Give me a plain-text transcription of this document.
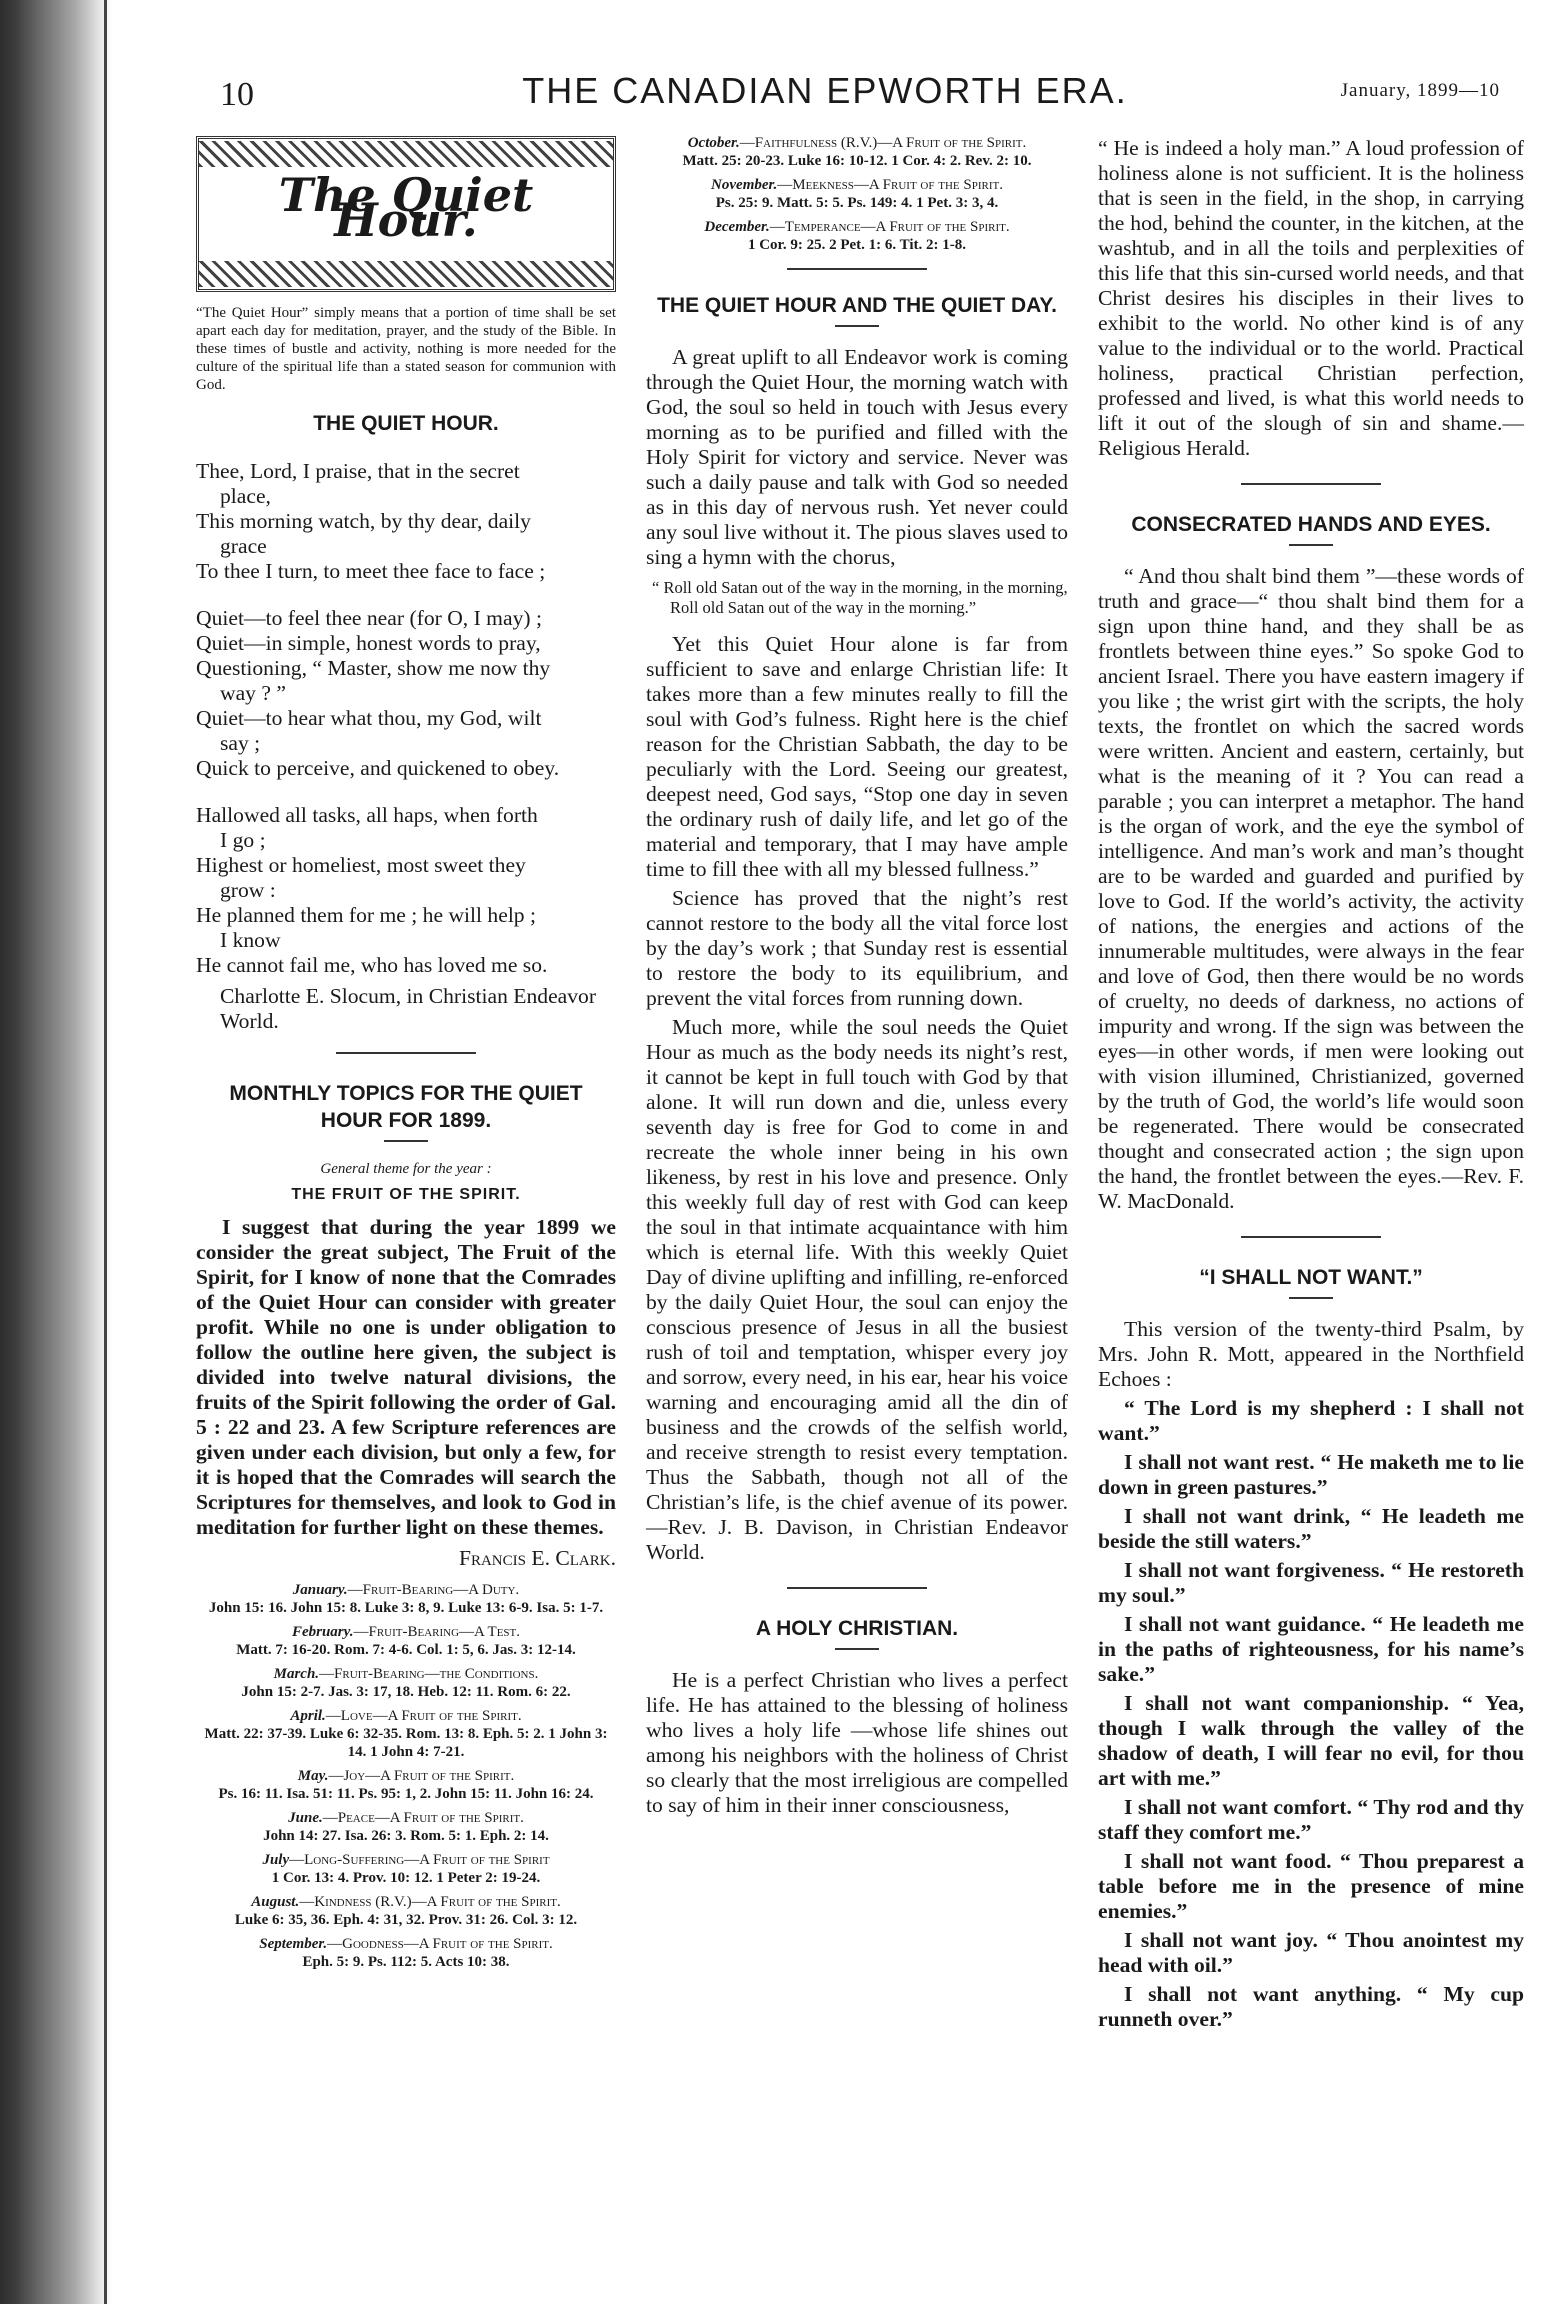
10	THE CANADIAN EPWORTH ERA.	January, 1899—10
The Quiet Hour.

“The Quiet Hour” simply means that a portion of time shall be set apart each day for meditation, prayer, and the study of the Bible. In these times of bustle and activity, nothing is more needed for the culture of the spiritual life than a stated season for communion with God.

THE QUIET HOUR.

Thee, Lord, I praise, that in the secret
place,

This morning watch, by thy dear, daily
grace

To thee I turn, to meet thee face to face ;

Quiet—to feel thee near (for O, I may) ;

Quiet—in simple, honest words to pray,

Questioning, “ Master, show me now thy
way ? ”

Quiet—to hear what thou, my God, wilt
say ;

Quick to perceive, and quickened to obey.

Hallowed all tasks, all haps, when forth
I go ;

Highest or homeliest, most sweet they
grow :

He planned them for me ; he will help ;
I know

He cannot fail me, who has loved me so.

Charlotte E. Slocum, in Christian Endeavor World.

MONTHLY TOPICS FOR THE QUIET HOUR FOR 1899.

General theme for the year :

THE FRUIT OF THE SPIRIT.

I suggest that during the year 1899 we consider the great subject, The Fruit of the Spirit, for I know of none that the Comrades of the Quiet Hour can consider with greater profit. While no one is under obligation to follow the outline here given, the subject is divided into twelve natural divisions, the fruits of the Spirit following the order of Gal. 5 : 22 and 23. A few Scripture references are given under each division, but only a few, for it is hoped that the Comrades will search the Scriptures for themselves, and look to God in meditation for further light on these themes.

Francis E. Clark.

January.—Fruit-Bearing—A Duty.
John 15: 16. John 15: 8. Luke 3: 8, 9. Luke 13: 6-9. Isa. 5: 1-7.

February.—Fruit-Bearing—A Test.
Matt. 7: 16-20. Rom. 7: 4-6. Col. 1: 5, 6. Jas. 3: 12-14.

March.—Fruit-Bearing—the Conditions.
John 15: 2-7. Jas. 3: 17, 18. Heb. 12: 11. Rom. 6: 22.

April.—Love—A Fruit of the Spirit.
Matt. 22: 37-39. Luke 6: 32-35. Rom. 13: 8. Eph. 5: 2. 1 John 3: 14. 1 John 4: 7-21.

May.—Joy—A Fruit of the Spirit.
Ps. 16: 11. Isa. 51: 11. Ps. 95: 1, 2. John 15: 11. John 16: 24.

June.—Peace—A Fruit of the Spirit.
John 14: 27. Isa. 26: 3. Rom. 5: 1. Eph. 2: 14.

July—Long-Suffering—A Fruit of the Spirit
1 Cor. 13: 4. Prov. 10: 12. 1 Peter 2: 19-24.

August.—Kindness (R.V.)—A Fruit of the Spirit.
Luke 6: 35, 36. Eph. 4: 31, 32. Prov. 31: 26. Col. 3: 12.

September.—Goodness—A Fruit of the Spirit.
Eph. 5: 9. Ps. 112: 5. Acts 10: 38.

October.—Faithfulness (R.V.)—A Fruit of the Spirit.
Matt. 25: 20-23. Luke 16: 10-12. 1 Cor. 4: 2. Rev. 2: 10.

November.—Meekness—A Fruit of the Spirit.
Ps. 25: 9. Matt. 5: 5. Ps. 149: 4. 1 Pet. 3: 3, 4.

December.—Temperance—A Fruit of the Spirit.
1 Cor. 9: 25. 2 Pet. 1: 6. Tit. 2: 1-8.

THE QUIET HOUR AND THE QUIET DAY.

A great uplift to all Endeavor work is coming through the Quiet Hour, the morning watch with God, the soul so held in touch with Jesus every morning as to be purified and filled with the Holy Spirit for victory and service. Never was such a daily pause and talk with God so needed as in this day of nervous rush. Yet never could any soul live without it. The pious slaves used to sing a hymn with the chorus,

“ Roll old Satan out of the way in the morning, in the morning,
Roll old Satan out of the way in the morning.”

Yet this Quiet Hour alone is far from sufficient to save and enlarge Christian life: It takes more than a few minutes really to fill the soul with God’s fulness. Right here is the chief reason for the Christian Sabbath, the day to be peculiarly with the Lord. Seeing our greatest, deepest need, God says, “Stop one day in seven the ordinary rush of daily life, and let go of the material and temporary, that I may have ample time to fill thee with all my blessed fullness.”

Science has proved that the night’s rest cannot restore to the body all the vital force lost by the day’s work ; that Sunday rest is essential to restore the body to its equilibrium, and prevent the vital forces from running down.

Much more, while the soul needs the Quiet Hour as much as the body needs its night’s rest, it cannot be kept in full touch with God by that alone. It will run down and die, unless every seventh day is free for God to come in and recreate the whole inner being in his own likeness, by rest in his love and presence. Only this weekly full day of rest with God can keep the soul in that intimate acquaintance with him which is eternal life. With this weekly Quiet Day of divine uplifting and infilling, re-enforced by the daily Quiet Hour, the soul can enjoy the conscious presence of Jesus in all the busiest rush of toil and temptation, whisper every joy and sorrow, every need, in his ear, hear his voice warning and encouraging amid all the din of business and the crowds of the selfish world, and receive strength to resist every temptation. Thus the Sabbath, though not all of the Christian’s life, is the chief avenue of its power.—Rev. J. B. Davison, in Christian Endeavor World.

A HOLY CHRISTIAN.

He is a perfect Christian who lives a perfect life. He has attained to the blessing of holiness who lives a holy life —whose life shines out among his neighbors with the holiness of Christ so clearly that the most irreligious are compelled to say of him in their inner consciousness,

“ He is indeed a holy man.” A loud profession of holiness alone is not sufficient. It is the holiness that is seen in the field, in the shop, in carrying the hod, behind the counter, in the kitchen, at the washtub, and in all the toils and perplexities of this life that this sin-cursed world needs, and that Christ desires his disciples in their lives to exhibit to the world. No other kind is of any value to the individual or to the world. Practical holiness, practical Christian perfection, professed and lived, is what this world needs to lift it out of the slough of sin and shame.—Religious Herald.

CONSECRATED HANDS AND EYES.

“ And thou shalt bind them ”—these words of truth and grace—“ thou shalt bind them for a sign upon thine hand, and they shall be as frontlets between thine eyes.” So spoke God to ancient Israel. There you have eastern imagery if you like ; the wrist girt with the scripts, the holy texts, the frontlet on which the sacred words were written. Ancient and eastern, certainly, but what is the meaning of it ? You can read a parable ; you can interpret a metaphor. The hand is the organ of work, and the eye the symbol of intelligence. And man’s work and man’s thought are to be warded and guarded and purified by love to God. If the world’s activity, the activity of nations, the energies and actions of the innumerable multitudes, were always in the fear and love of God, then there would be no words of cruelty, no deeds of darkness, no actions of impurity and wrong. If the sign was between the eyes—in other words, if men were looking out with vision illumined, Christianized, governed by the truth of God, the world’s life would soon be regenerated. There would be consecrated thought and consecrated action ; the sign upon the hand, the frontlet between the eyes.—Rev. F. W. MacDonald.

“I SHALL NOT WANT.”

This version of the twenty-third Psalm, by Mrs. John R. Mott, appeared in the Northfield Echoes :

“ The Lord is my shepherd : I shall not want.”

I shall not want rest. “ He maketh me to lie down in green pastures.”

I shall not want drink, “ He leadeth me beside the still waters.”

I shall not want forgiveness. “ He restoreth my soul.”

I shall not want guidance. “ He leadeth me in the paths of righteousness, for his name’s sake.”

I shall not want companionship. “ Yea, though I walk through the valley of the shadow of death, I will fear no evil, for thou art with me.”

I shall not want comfort. “ Thy rod and thy staff they comfort me.”

I shall not want food. “ Thou preparest a table before me in the presence of mine enemies.”

I shall not want joy. “ Thou anointest my head with oil.”

I shall not want anything. “ My cup runneth over.”
